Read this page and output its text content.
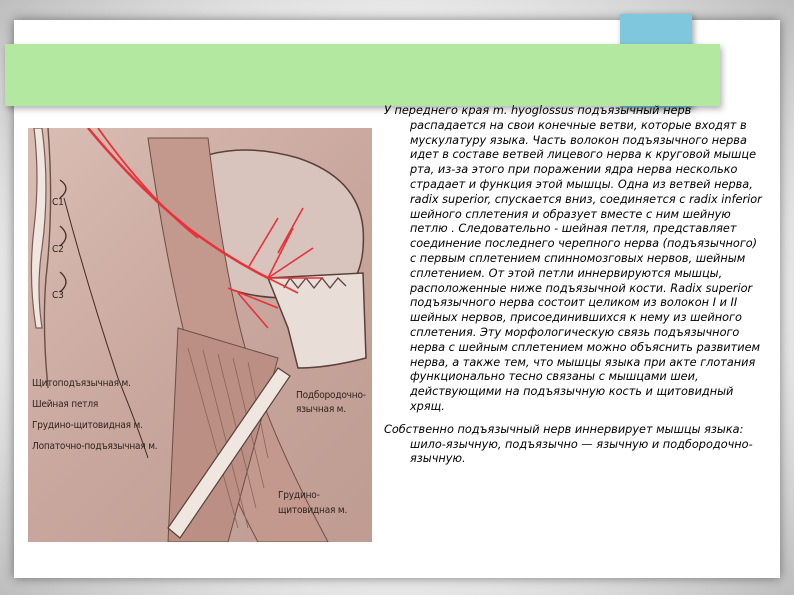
C1
C2
C3
Щитоподъязычная м.
Шейная петля
Грудино-щитовидная м.
Лопаточно-подъязычная м.
Подбородочно-
язычная м.
Грудино-
щитовидная м.

У переднего края m. hyoglossus подъязычный нерв распадается на свои конечные ветви, которые входят в мускулатуру языка. Часть волокон подъязычного нерва идет в составе ветвей лицевого нерва к круговой мышце рта, из-за этого при поражении ядра нерва несколько страдает и функция этой мышцы. Одна из ветвей нерва, radix superior, спускается вниз, соединяется с radix inferior шейного сплетения и образует вместе с ним шейную петлю . Следовательно - шейная петля, представляет соединение последнего черепного нерва (подъязычного) с первым сплетением спинномозговых нервов, шейным сплетением. От этой петли иннервируются мышцы, расположенные ниже подъязычной кости. Radix superior подъязычного нерва состоит целиком из волокон I и II шейных нервов, присоединившихся к нему из шейного сплетения. Эту морфологическую связь подъязычного нерва с шейным сплетением можно объяснить развитием нерва, а также тем, что мышцы языка при акте глотания функционально тесно связаны с мышцами шеи, действующими на подъязычную кость и щитовидный хрящ.

Собственно подъязычный нерв иннервирует мышцы языка: шило-язычную, подъязычно — язычную и подбородочно-язычную.
